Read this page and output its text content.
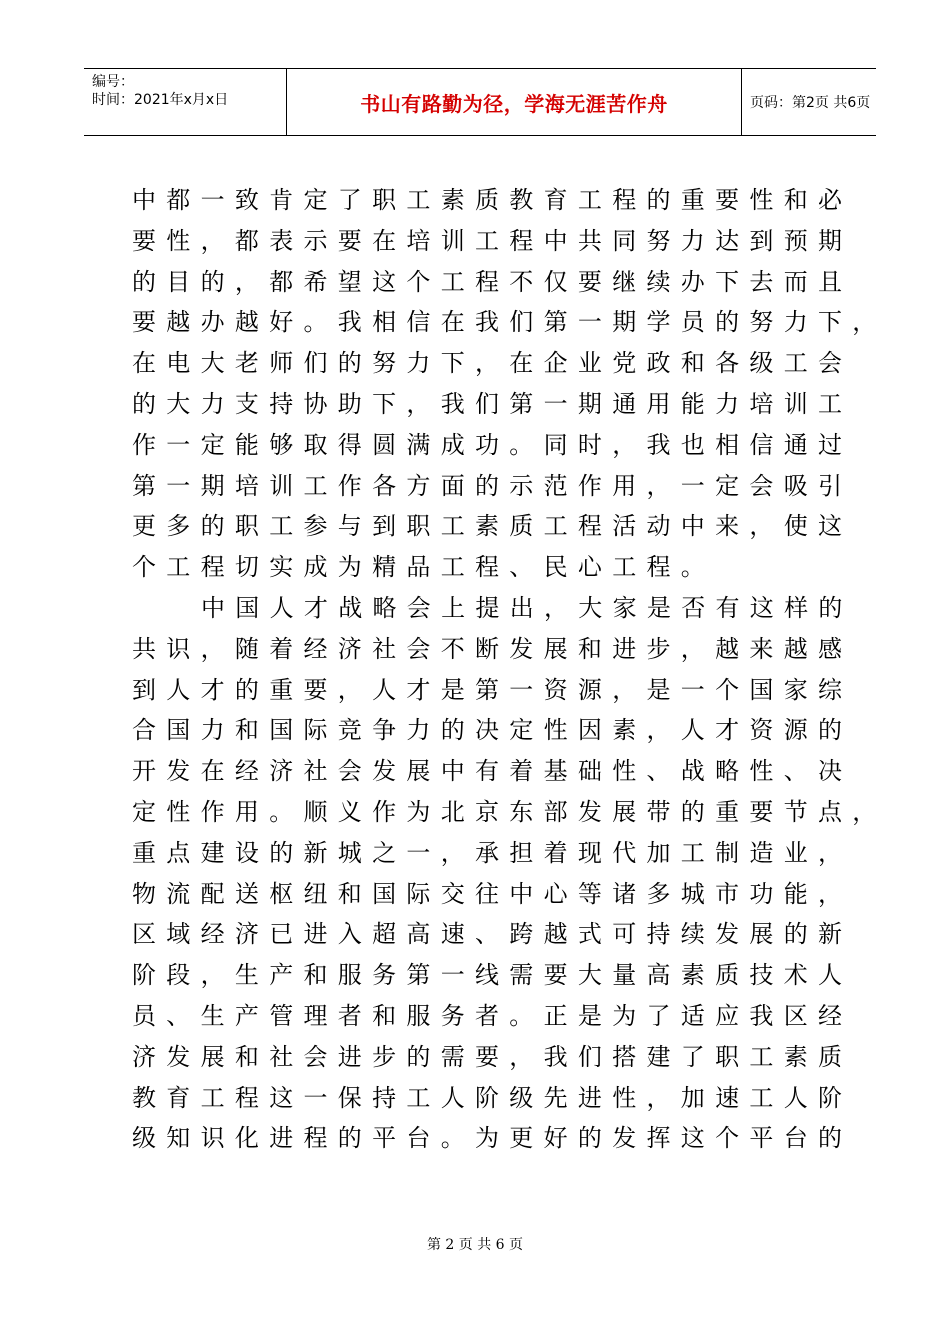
编号：
时间：2021年x月x日	书山有路勤为径，学海无涯苦作舟	页码：第2页 共6页
中都一致肯定了职工素质教育工程的重要性和必
要性，都表示要在培训工程中共同努力达到预期
的目的，都希望这个工程不仅要继续办下去而且
要越办越好。我相信在我们第一期学员的努力下，
在电大老师们的努力下，在企业党政和各级工会
的大力支持协助下，我们第一期通用能力培训工
作一定能够取得圆满成功。同时，我也相信通过
第一期培训工作各方面的示范作用，一定会吸引
更多的职工参与到职工素质工程活动中来，使这
个工程切实成为精品工程、民心工程。
中国人才战略会上提出，大家是否有这样的
共识，随着经济社会不断发展和进步，越来越感
到人才的重要，人才是第一资源，是一个国家综
合国力和国际竞争力的决定性因素，人才资源的
开发在经济社会发展中有着基础性、战略性、决
定性作用。顺义作为北京东部发展带的重要节点，
重点建设的新城之一，承担着现代加工制造业，
物流配送枢纽和国际交往中心等诸多城市功能，
区域经济已进入超高速、跨越式可持续发展的新
阶段，生产和服务第一线需要大量高素质技术人
员、生产管理者和服务者。正是为了适应我区经
济发展和社会进步的需要，我们搭建了职工素质
教育工程这一保持工人阶级先进性，加速工人阶
级知识化进程的平台。为更好的发挥这个平台的
第 2 页 共 6 页
